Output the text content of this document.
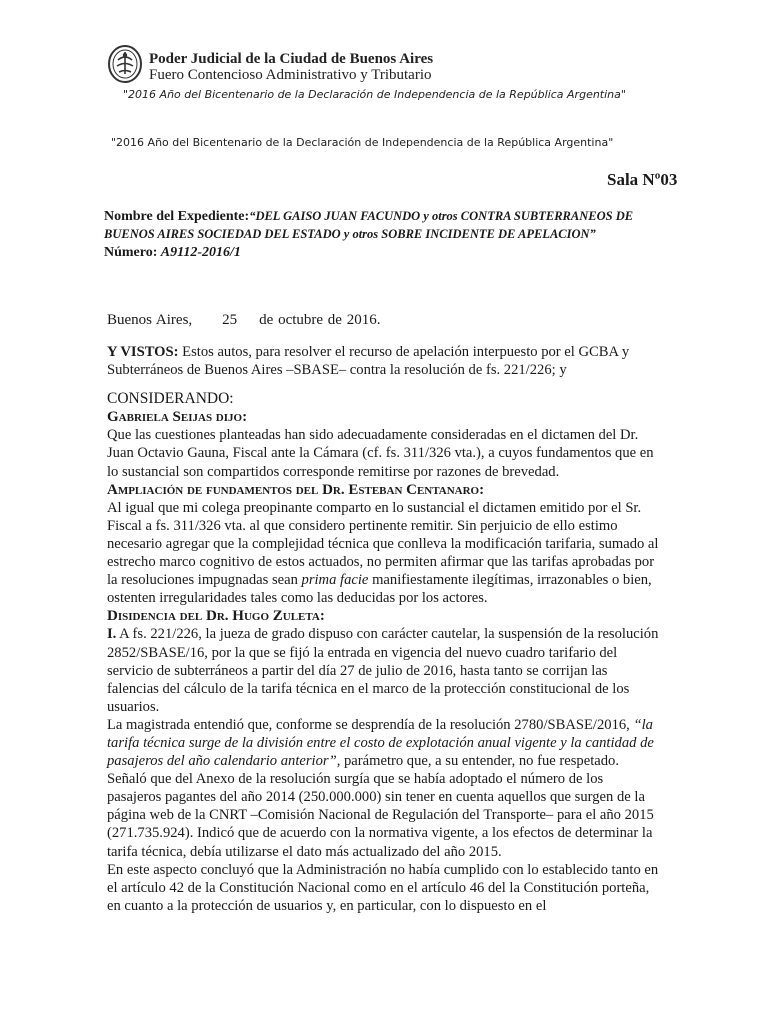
Poder Judicial de la Ciudad de Buenos Aires
Fuero Contencioso Administrativo y Tributario
"2016 Año del Bicentenario de la Declaración de Independencia de la República Argentina"
"2016 Año del Bicentenario de la Declaración de Independencia de la República Argentina"
Sala Nº03
Nombre del Expediente:“DEL GAISO JUAN FACUNDO y otros CONTRA SUBTERRANEOS DE BUENOS AIRES SOCIEDAD DEL ESTADO y otros SOBRE INCIDENTE DE APELACION”
Número: A9112-2016/1
Buenos Aires, 25 de octubre de 2016.

Y VISTOS: Estos autos, para resolver el recurso de apelación interpuesto por el GCBA y Subterráneos de Buenos Aires –SBASE– contra la resolución de fs. 221/226; y

CONSIDERANDO:

Gabriela Seijas dijo:

Que las cuestiones planteadas han sido adecuadamente consideradas en el dictamen del Dr. Juan Octavio Gauna, Fiscal ante la Cámara (cf. fs. 311/326 vta.), a cuyos fundamentos que en lo sustancial son compartidos corresponde remitirse por razones de brevedad.

Ampliación de fundamentos del Dr. Esteban Centanaro:

Al igual que mi colega preopinante comparto en lo sustancial el dictamen emitido por el Sr. Fiscal a fs. 311/326 vta. al que considero pertinente remitir. Sin perjuicio de ello estimo necesario agregar que la complejidad técnica que conlleva la modificación tarifaria, sumado al estrecho marco cognitivo de estos actuados, no permiten afirmar que las tarifas aprobadas por la resoluciones impugnadas sean prima facie manifiestamente ilegítimas, irrazonables o bien, ostenten irregularidades tales como las deducidas por los actores.

Disidencia del Dr. Hugo Zuleta:

I. A fs. 221/226, la jueza de grado dispuso con carácter cautelar, la suspensión de la resolución 2852/SBASE/16, por la que se fijó la entrada en vigencia del nuevo cuadro tarifario del servicio de subterráneos a partir del día 27 de julio de 2016, hasta tanto se corrijan las falencias del cálculo de la tarifa técnica en el marco de la protección constitucional de los usuarios.

La magistrada entendió que, conforme se desprendía de la resolución 2780/SBASE/2016, “la tarifa técnica surge de la división entre el costo de explotación anual vigente y la cantidad de pasajeros del año calendario anterior”, parámetro que, a su entender, no fue respetado. Señaló que del Anexo de la resolución surgía que se había adoptado el número de los pasajeros pagantes del año 2014 (250.000.000) sin tener en cuenta aquellos que surgen de la página web de la CNRT –Comisión Nacional de Regulación del Transporte– para el año 2015 (271.735.924). Indicó que de acuerdo con la normativa vigente, a los efectos de determinar la tarifa técnica, debía utilizarse el dato más actualizado del año 2015.

En este aspecto concluyó que la Administración no había cumplido con lo establecido tanto en el artículo 42 de la Constitución Nacional como en el artículo 46 del la Constitución porteña, en cuanto a la protección de usuarios y, en particular, con lo dispuesto en el
